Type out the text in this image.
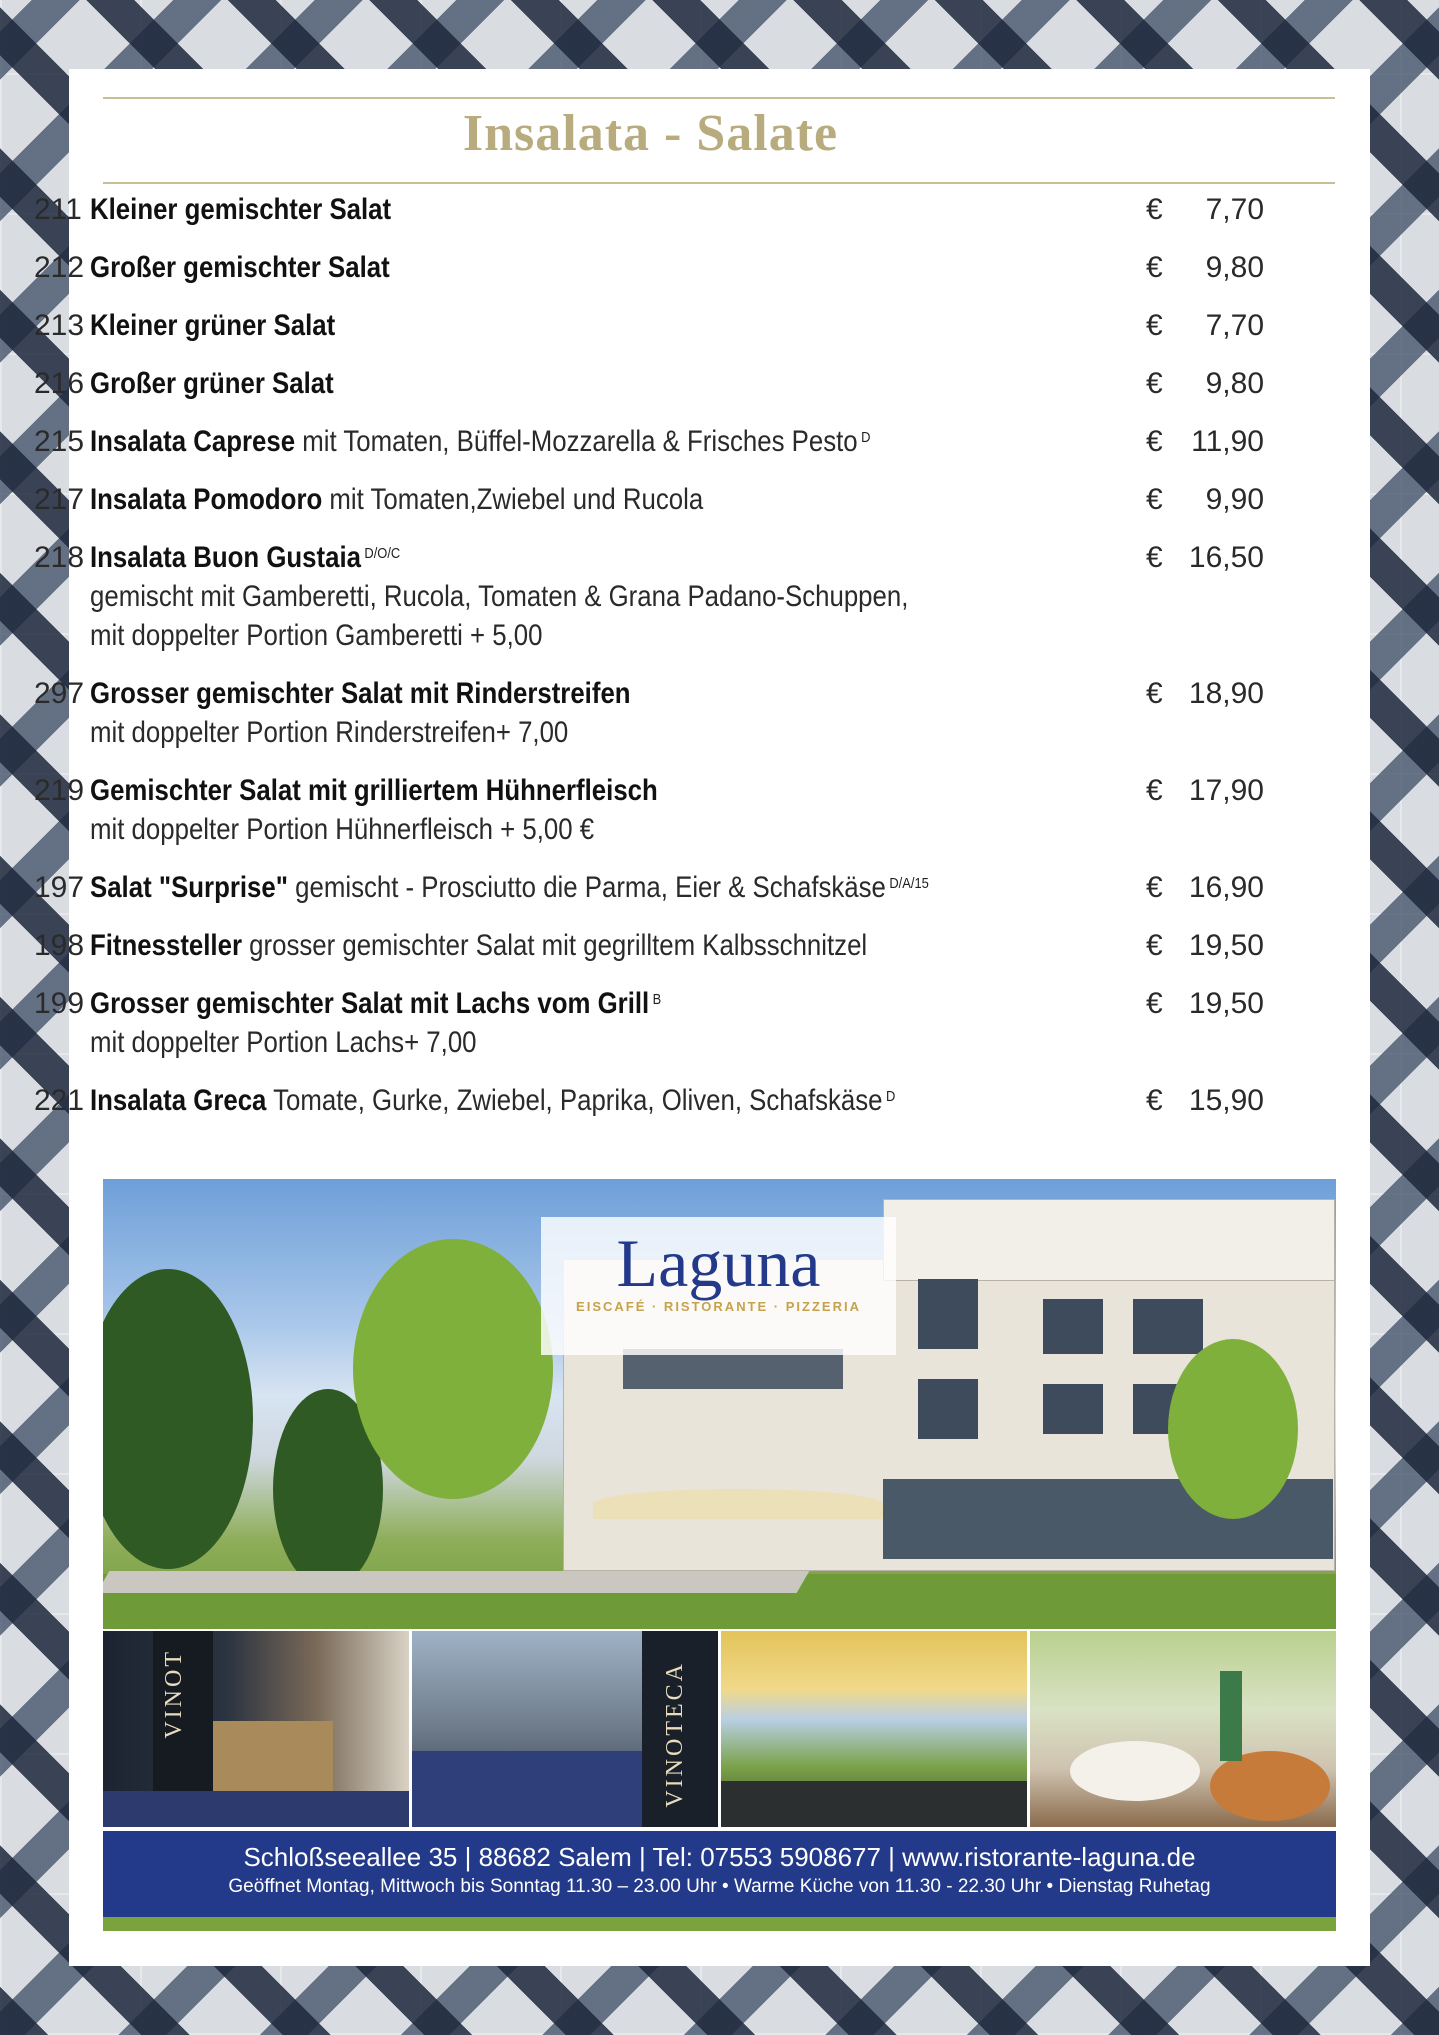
Insalata - Salate
211 Kleiner gemischter Salat	€ 7,70
212 Großer gemischter Salat	€ 9,80
213 Kleiner grüner Salat	€ 7,70
216 Großer grüner Salat	€ 9,80
215 Insalata Caprese mit Tomaten, Büffel-Mozzarella & Frisches Pesto $^D$	€ 11,90
217 Insalata Pomodoro mit Tomaten,Zwiebel und Rucola	€ 9,90
218 Insalata Buon Gustaia $^{D/O/C}$
gemischt mit Gamberetti, Rucola, Tomaten & Grana Padano-Schuppen,
mit doppelter Portion Gamberetti + 5,00
€ 16,50
297 Grosser gemischter Salat mit Rinderstreifen
mit doppelter Portion Rinderstreifen+ 7,00
€ 18,90
219 Gemischter Salat mit grilliertem Hühnerfleisch
mit doppelter Portion Hühnerfleisch + 5,00 €
€ 17,90
197 Salat "Surprise" gemischt - Prosciutto die Parma, Eier & Schafskäse $^{D/A/15}$	€ 16,90
198 Fitnessteller grosser gemischter Salat mit gegrilltem Kalbsschnitzel	€ 19,50
199 Grosser gemischter Salat mit Lachs vom Grill $^B$
mit doppelter Portion Lachs+ 7,00
€ 19,50
221 Insalata Greca Tomate, Gurke, Zwiebel, Paprika, Oliven, Schafskäse $^D$	€ 15,90
Laguna
EISCAFÉ · RISTORANTE · PIZZERIA
VINOT	VINOTECA
Schloßseeallee 35 | 88682 Salem | Tel: 07553 5908677 | www.ristorante-laguna.de
Geöffnet Montag, Mittwoch bis Sonntag 11.30 – 23.00 Uhr • Warme Küche von 11.30 - 22.30 Uhr • Dienstag Ruhetag
